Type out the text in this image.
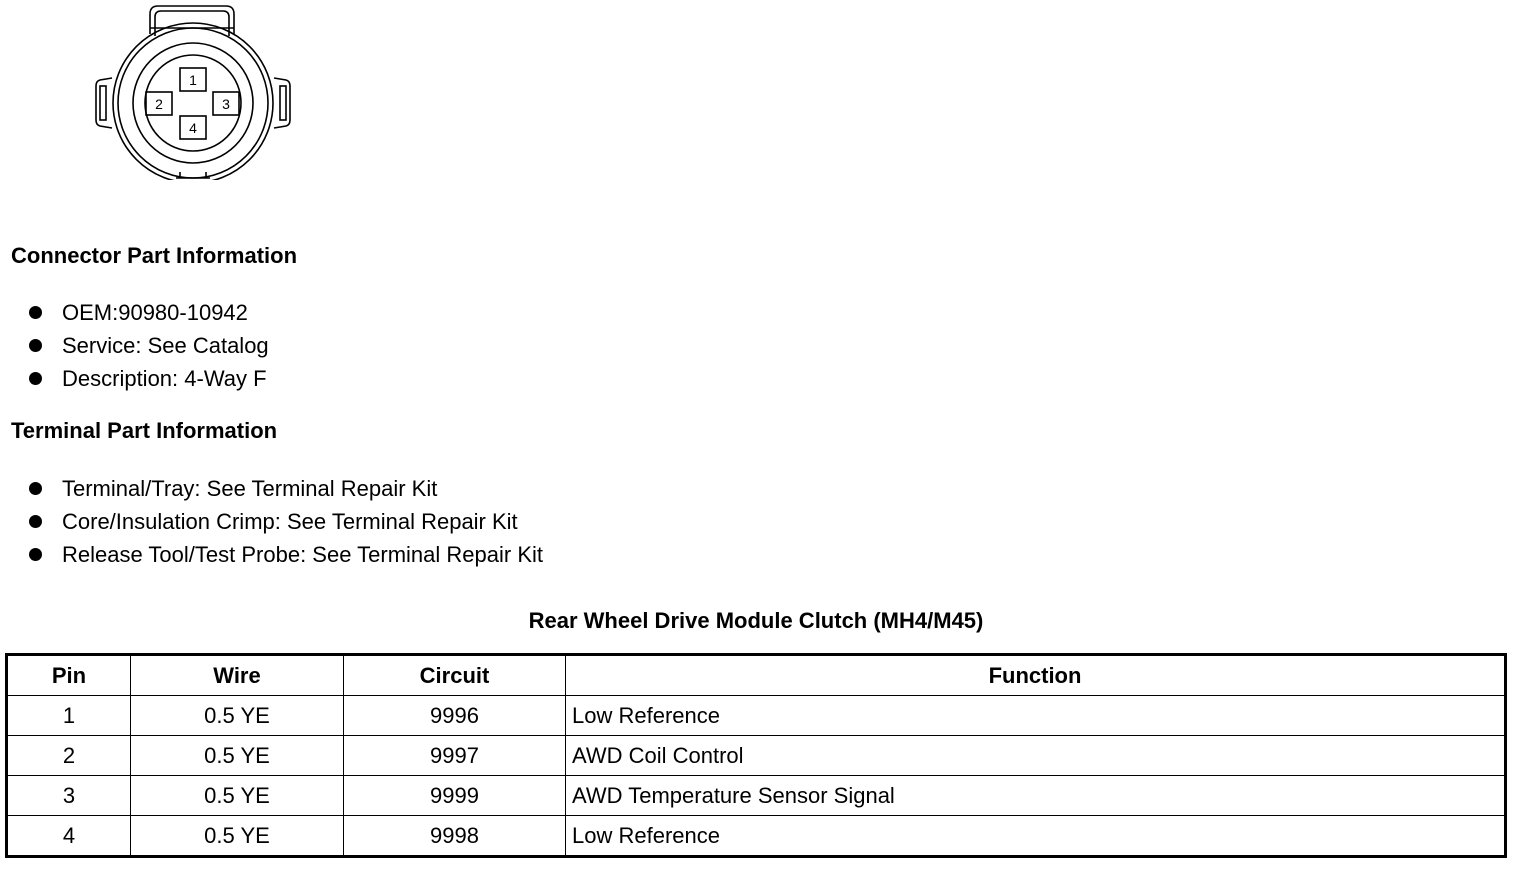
1
2	3
4
Connector Part Information
OEM:90980-10942
Service: See Catalog
Description: 4-Way F
Terminal Part Information
Terminal/Tray: See Terminal Repair Kit
Core/Insulation Crimp: See Terminal Repair Kit
Release Tool/Test Probe: See Terminal Repair Kit
Rear Wheel Drive Module Clutch (MH4/M45)
Pin	Wire	Circuit	Function
1	0.5 YE	9996	Low Reference
2	0.5 YE	9997	AWD Coil Control
3	0.5 YE	9999	AWD Temperature Sensor Signal
4	0.5 YE	9998	Low Reference
